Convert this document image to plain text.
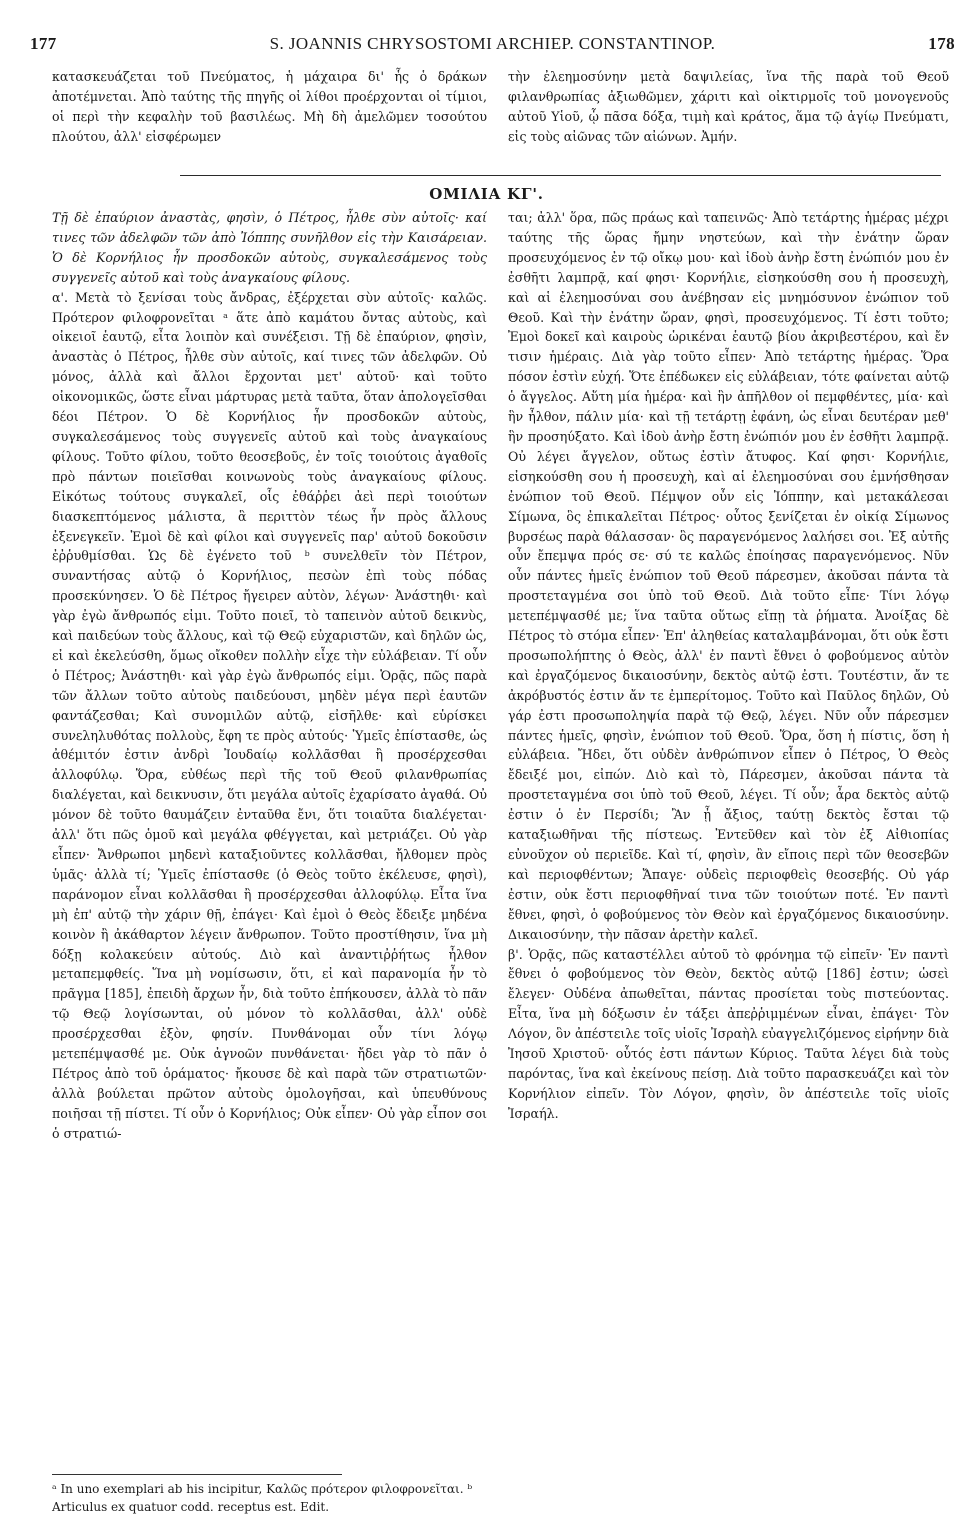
177	S. JOANNIS CHRYSOSTOMI ARCHIEP. CONSTANTINOP.	178

κατασκευάζεται τοῦ Πνεύματος, ἡ μάχαιρα δι' ἧς ὁ δράκων ἀποτέμνεται. Ἀπὸ ταύτης τῆς πηγῆς οἱ λίθοι προέρχονται οἱ τίμιοι, οἱ περὶ τὴν κεφαλὴν τοῦ βασιλέως. Μὴ δὴ ἀμελῶμεν τοσούτου πλούτου, ἀλλ' εἰσφέρωμεν

τὴν ἐλεημοσύνην μετὰ δαψιλείας, ἵνα τῆς παρὰ τοῦ Θεοῦ φιλανθρωπίας ἀξιωθῶμεν, χάριτι καὶ οἰκτιρμοῖς τοῦ μονογενοῦς αὐτοῦ Υἱοῦ, ᾧ πᾶσα δόξα, τιμὴ καὶ κράτος, ἅμα τῷ ἁγίῳ Πνεύματι, εἰς τοὺς αἰῶνας τῶν αἰώνων. Ἀμήν.

ΟΜΙΛΙΑ ΚΓ'.

Τῇ δὲ ἐπαύριον ἀναστὰς, φησὶν, ὁ Πέτρος, ἦλθε σὺν αὐτοῖς· καί τινες τῶν ἀδελφῶν τῶν ἀπὸ Ἰόππης συνῆλθον εἰς τὴν Καισάρειαν. Ὁ δὲ Κορνήλιος ἦν προσδοκῶν αὐτοὺς, συγκαλεσάμενος τοὺς συγγενεῖς αὐτοῦ καὶ τοὺς ἀναγκαίους φίλους.

α'. Μετὰ τὸ ξενίσαι τοὺς ἄνδρας, ἐξέρχεται σὺν αὐτοῖς· καλῶς. Πρότερον φιλοφρονεῖται ᵃ ἅτε ἀπὸ καμάτου ὄντας αὐτοὺς, καὶ οἰκειοῖ ἑαυτῷ, εἶτα λοιπὸν καὶ συνέξεισι. Τῇ δὲ ἐπαύριον, φησὶν, ἀναστὰς ὁ Πέτρος, ἦλθε σὺν αὐτοῖς, καί τινες τῶν ἀδελφῶν. Οὐ μόνος, ἀλλὰ καὶ ἄλλοι ἔρχονται μετ' αὐτοῦ· καὶ τοῦτο οἰκονομικῶς, ὥστε εἶναι μάρτυρας μετὰ ταῦτα, ὅταν ἀπολογεῖσθαι δέοι Πέτρον. Ὁ δὲ Κορνήλιος ἦν προσδοκῶν αὐτοὺς, συγκαλεσάμενος τοὺς συγγενεῖς αὐτοῦ καὶ τοὺς ἀναγκαίους φίλους. Τοῦτο φίλου, τοῦτο θεοσεβοῦς, ἐν τοῖς τοιούτοις ἀγαθοῖς πρὸ πάντων ποιεῖσθαι κοινωνοὺς τοὺς ἀναγκαίους φίλους. Εἰκότως τούτους συγκαλεῖ, οἷς ἐθάῤῥει ἀεὶ περὶ τοιούτων διασκεπτόμενος μάλιστα, ἃ περιττὸν τέως ἦν πρὸς ἄλλους ἐξενεγκεῖν. Ἐμοὶ δὲ καὶ φίλοι καὶ συγγενεῖς παρ' αὐτοῦ δοκοῦσιν ἐῤῥυθμίσθαι. Ὡς δὲ ἐγένετο τοῦ ᵇ συνελθεῖν τὸν Πέτρον, συναντήσας αὐτῷ ὁ Κορνήλιος, πεσὼν ἐπὶ τοὺς πόδας προσεκύνησεν. Ὁ δὲ Πέτρος ἤγειρεν αὐτὸν, λέγων· Ἀνάστηθι· καὶ γὰρ ἐγὼ ἄνθρωπός εἰμι. Τοῦτο ποιεῖ, τὸ ταπεινὸν αὐτοῦ δεικνὺς, καὶ παιδεύων τοὺς ἄλλους, καὶ τῷ Θεῷ εὐχαριστῶν, καὶ δηλῶν ὡς, εἰ καὶ ἐκελεύσθη, ὅμως οἴκοθεν πολλὴν εἶχε τὴν εὐλάβειαν. Τί οὖν ὁ Πέτρος; Ἀνάστηθι· καὶ γὰρ ἐγὼ ἄνθρωπός εἰμι. Ὁρᾷς, πῶς παρὰ τῶν ἄλλων τοῦτο αὐτοὺς παιδεύουσι, μηδὲν μέγα περὶ ἑαυτῶν φαντάζεσθαι; Καὶ συνομιλῶν αὐτῷ, εἰσῆλθε· καὶ εὑρίσκει συνεληλυθότας πολλοὺς, ἔφη τε πρὸς αὐτούς· Ὑμεῖς ἐπίστασθε, ὡς ἀθέμιτόν ἐστιν ἀνδρὶ Ἰουδαίῳ κολλᾶσθαι ἢ προσέρχεσθαι ἀλλοφύλῳ. Ὅρα, εὐθέως περὶ τῆς τοῦ Θεοῦ φιλανθρωπίας διαλέγεται, καὶ δεικνυσιν, ὅτι μεγάλα αὐτοῖς ἐχαρίσατο ἀγαθά. Οὐ μόνον δὲ τοῦτο θαυμάζειν ἐνταῦθα ἔνι, ὅτι τοιαῦτα διαλέγεται· ἀλλ' ὅτι πῶς ὁμοῦ καὶ μεγάλα φθέγγεται, καὶ μετριάζει. Οὐ γὰρ εἶπεν· Ἄνθρωποι μηδενὶ καταξιοῦντες κολλᾶσθαι, ἤλθομεν πρὸς ὑμᾶς· ἀλλὰ τί; Ὑμεῖς ἐπίστασθε (ὁ Θεὸς τοῦτο ἐκέλευσε, φησὶ), παράνομον εἶναι κολλᾶσθαι ἢ προσέρχεσθαι ἀλλοφύλῳ. Εἶτα ἵνα μὴ ἐπ' αὐτῷ τὴν χάριν θῇ, ἐπάγει· Καὶ ἐμοὶ ὁ Θεὸς ἔδειξε μηδένα κοινὸν ἢ ἀκάθαρτον λέγειν ἄνθρωπον. Τοῦτο προστίθησιν, ἵνα μὴ δόξῃ κολακεύειν αὐτούς. Διὸ καὶ ἀναντιῤῥήτως ἦλθον μεταπεμφθείς. Ἵνα μὴ νομίσωσιν, ὅτι, εἰ καὶ παρανομία ἦν τὸ πρᾶγμα [185], ἐπειδὴ ἄρχων ἦν, διὰ τοῦτο ἐπήκουσεν, ἀλλὰ τὸ πᾶν τῷ Θεῷ λογίσωνται, οὐ μόνον τὸ κολλᾶσθαι, ἀλλ' οὐδὲ προσέρχεσθαι ἐξὸν, φησίν. Πυνθάνομαι οὖν τίνι λόγῳ μετεπέμψασθέ με. Οὐκ ἀγνοῶν πυνθάνεται· ἤδει γὰρ τὸ πᾶν ὁ Πέτρος ἀπὸ τοῦ ὁράματος· ἤκουσε δὲ καὶ παρὰ τῶν στρατιωτῶν· ἀλλὰ βούλεται πρῶτον αὐτοὺς ὁμολογῆσαι, καὶ ὑπευθύνους ποιῆσαι τῇ πίστει. Τί οὖν ὁ Κορνήλιος; Οὐκ εἶπεν· Οὐ γὰρ εἶπον σοι ὁ στρατιώ-

ται; ἀλλ' ὅρα, πῶς πράως καὶ ταπεινῶς· Ἀπὸ τετάρτης ἡμέρας μέχρι ταύτης τῆς ὥρας ἤμην νηστεύων, καὶ τὴν ἐνάτην ὥραν προσευχόμενος ἐν τῷ οἴκῳ μου· καὶ ἰδοὺ ἀνὴρ ἔστη ἐνώπιόν μου ἐν ἐσθῆτι λαμπρᾷ, καί φησι· Κορνήλιε, εἰσηκούσθη σου ἡ προσευχὴ, καὶ αἱ ἐλεημοσύναι σου ἀνέβησαν εἰς μνημόσυνον ἐνώπιον τοῦ Θεοῦ. Καὶ τὴν ἐνάτην ὥραν, φησὶ, προσευχόμενος. Τί ἐστι τοῦτο; Ἐμοὶ δοκεῖ καὶ καιροὺς ὡρικέναι ἑαυτῷ βίου ἀκριβεστέρου, καὶ ἔν τισιν ἡμέραις. Διὰ γὰρ τοῦτο εἶπεν· Ἀπὸ τετάρτης ἡμέρας. Ὅρα πόσον ἐστὶν εὐχή. Ὅτε ἐπέδωκεν εἰς εὐλάβειαν, τότε φαίνεται αὐτῷ ὁ ἄγγελος. Αὕτη μία ἡμέρα· καὶ ἣν ἀπῆλθον οἱ πεμφθέντες, μία· καὶ ἣν ἦλθον, πάλιν μία· καὶ τῇ τετάρτῃ ἐφάνη, ὡς εἶναι δευτέραν μεθ' ἣν προσηύξατο. Καὶ ἰδοὺ ἀνὴρ ἔστη ἐνώπιόν μου ἐν ἐσθῆτι λαμπρᾷ. Οὐ λέγει ἄγγελον, οὕτως ἐστὶν ἄτυφος. Καί φησι· Κορνήλιε, εἰσηκούσθη σου ἡ προσευχὴ, καὶ αἱ ἐλεημοσύναι σου ἐμνήσθησαν ἐνώπιον τοῦ Θεοῦ. Πέμψον οὖν εἰς Ἰόππην, καὶ μετακάλεσαι Σίμωνα, ὃς ἐπικαλεῖται Πέτρος· οὗτος ξενίζεται ἐν οἰκίᾳ Σίμωνος βυρσέως παρὰ θάλασσαν· ὃς παραγενόμενος λαλήσει σοι. Ἐξ αὐτῆς οὖν ἔπεμψα πρός σε· σύ τε καλῶς ἐποίησας παραγενόμενος. Νῦν οὖν πάντες ἡμεῖς ἐνώπιον τοῦ Θεοῦ πάρεσμεν, ἀκοῦσαι πάντα τὰ προστεταγμένα σοι ὑπὸ τοῦ Θεοῦ. Διὰ τοῦτο εἶπε· Τίνι λόγῳ μετεπέμψασθέ με; ἵνα ταῦτα οὕτως εἴπῃ τὰ ῥήματα. Ἀνοίξας δὲ Πέτρος τὸ στόμα εἶπεν· Ἐπ' ἀληθείας καταλαμβάνομαι, ὅτι οὐκ ἔστι προσωπολήπτης ὁ Θεὸς, ἀλλ' ἐν παντὶ ἔθνει ὁ φοβούμενος αὐτὸν καὶ ἐργαζόμενος δικαιοσύνην, δεκτὸς αὐτῷ ἐστι. Τουτέστιν, ἄν τε ἀκρόβυστός ἐστιν ἄν τε ἐμπερίτομος. Τοῦτο καὶ Παῦλος δηλῶν, Οὐ γάρ ἐστι προσωποληψία παρὰ τῷ Θεῷ, λέγει. Νῦν οὖν πάρεσμεν πάντες ἡμεῖς, φησὶν, ἐνώπιον τοῦ Θεοῦ. Ὅρα, ὅση ἡ πίστις, ὅση ἡ εὐλάβεια. Ἤδει, ὅτι οὐδὲν ἀνθρώπινον εἶπεν ὁ Πέτρος, Ὁ Θεὸς ἔδειξέ μοι, εἰπών. Διὸ καὶ τὸ, Πάρεσμεν, ἀκοῦσαι πάντα τὰ προστεταγμένα σοι ὑπὸ τοῦ Θεοῦ, λέγει. Τί οὖν; ἆρα δεκτὸς αὐτῷ ἐστιν ὁ ἐν Περσίδι; Ἂν ᾖ ἄξιος, ταύτῃ δεκτὸς ἔσται τῷ καταξιωθῆναι τῆς πίστεως. Ἐντεῦθεν καὶ τὸν ἐξ Αἰθιοπίας εὐνοῦχον οὐ περιεῖδε. Καὶ τί, φησὶν, ἂν εἴποις περὶ τῶν θεοσεβῶν καὶ περιοφθέντων; Ἄπαγε· οὐδεὶς περιοφθεὶς θεοσεβής. Οὐ γάρ ἐστιν, οὐκ ἔστι περιοφθῆναί τινα τῶν τοιούτων ποτέ. Ἐν παντὶ ἔθνει, φησὶ, ὁ φοβούμενος τὸν Θεὸν καὶ ἐργαζόμενος δικαιοσύνην. Δικαιοσύνην, τὴν πᾶσαν ἀρετὴν καλεῖ.

β'. Ὁρᾷς, πῶς καταστέλλει αὐτοῦ τὸ φρόνημα τῷ εἰπεῖν· Ἐν παντὶ ἔθνει ὁ φοβούμενος τὸν Θεὸν, δεκτὸς αὐτῷ [186] ἐστιν; ὡσεὶ ἔλεγεν· Οὐδένα ἀπωθεῖται, πάντας προσίεται τοὺς πιστεύοντας. Εἶτα, ἵνα μὴ δόξωσιν ἐν τάξει ἀπεῤῥιμμένων εἶναι, ἐπάγει· Τὸν Λόγον, ὃν ἀπέστειλε τοῖς υἱοῖς Ἰσραὴλ εὐαγγελιζόμενος εἰρήνην διὰ Ἰησοῦ Χριστοῦ· οὗτός ἐστι πάντων Κύριος. Ταῦτα λέγει διὰ τοὺς παρόντας, ἵνα καὶ ἐκείνους πείσῃ. Διὰ τοῦτο παρασκευάζει καὶ τὸν Κορνήλιον εἰπεῖν. Τὸν Λόγον, φησὶν, ὃν ἀπέστειλε τοῖς υἱοῖς Ἰσραήλ.

ᵃ In uno exemplari ab his incipitur, Καλῶς πρότερον φιλοφρονεῖται. ᵇ Articulus ex quatuor codd. receptus est. Edit.
